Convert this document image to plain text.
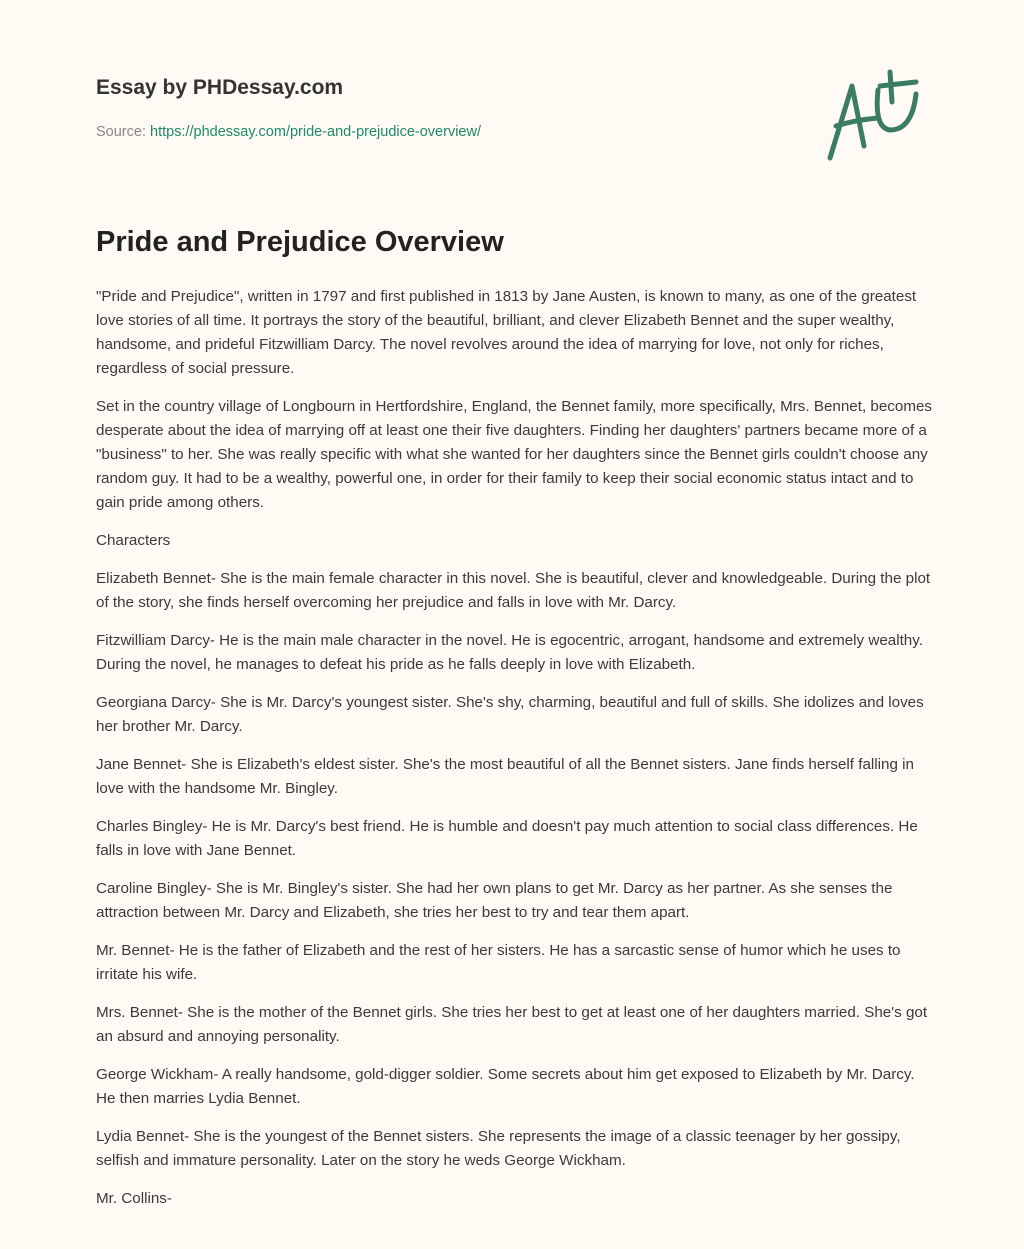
Essay by PHDessay.com
Source: https://phdessay.com/pride-and-prejudice-overview/
Pride and Prejudice Overview

"Pride and Prejudice", written in 1797 and first published in 1813 by Jane Austen, is known to many, as one of the greatest love stories of all time. It portrays the story of the beautiful, brilliant, and clever Elizabeth Bennet and the super wealthy, handsome, and prideful Fitzwilliam Darcy. The novel revolves around the idea of marrying for love, not only for riches, regardless of social pressure.

Set in the country village of Longbourn in Hertfordshire, England, the Bennet family, more specifically, Mrs. Bennet, becomes desperate about the idea of marrying off at least one their five daughters. Finding her daughters' partners became more of a "business" to her. She was really specific with what she wanted for her daughters since the Bennet girls couldn't choose any random guy. It had to be a wealthy, powerful one, in order for their family to keep their social economic status intact and to gain pride among others.

Characters

Elizabeth Bennet- She is the main female character in this novel. She is beautiful, clever and knowledgeable. During the plot of the story, she finds herself overcoming her prejudice and falls in love with Mr. Darcy.

Fitzwilliam Darcy- He is the main male character in the novel. He is egocentric, arrogant, handsome and extremely wealthy. During the novel, he manages to defeat his pride as he falls deeply in love with Elizabeth.

Georgiana Darcy- She is Mr. Darcy's youngest sister. She's shy, charming, beautiful and full of skills. She idolizes and loves her brother Mr. Darcy.

Jane Bennet- She is Elizabeth's eldest sister. She's the most beautiful of all the Bennet sisters. Jane finds herself falling in love with the handsome Mr. Bingley.

Charles Bingley- He is Mr. Darcy's best friend. He is humble and doesn't pay much attention to social class differences. He falls in love with Jane Bennet.

Caroline Bingley- She is Mr. Bingley's sister. She had her own plans to get Mr. Darcy as her partner. As she senses the attraction between Mr. Darcy and Elizabeth, she tries her best to try and tear them apart.

Mr. Bennet- He is the father of Elizabeth and the rest of her sisters. He has a sarcastic sense of humor which he uses to irritate his wife.

Mrs. Bennet- She is the mother of the Bennet girls. She tries her best to get at least one of her daughters married. She's got an absurd and annoying personality.

George Wickham- A really handsome, gold-digger soldier. Some secrets about him get exposed to Elizabeth by Mr. Darcy. He then marries Lydia Bennet.

Lydia Bennet- She is the youngest of the Bennet sisters. She represents the image of a classic teenager by her gossipy, selfish and immature personality. Later on the story he weds George Wickham.

Mr. Collins-
